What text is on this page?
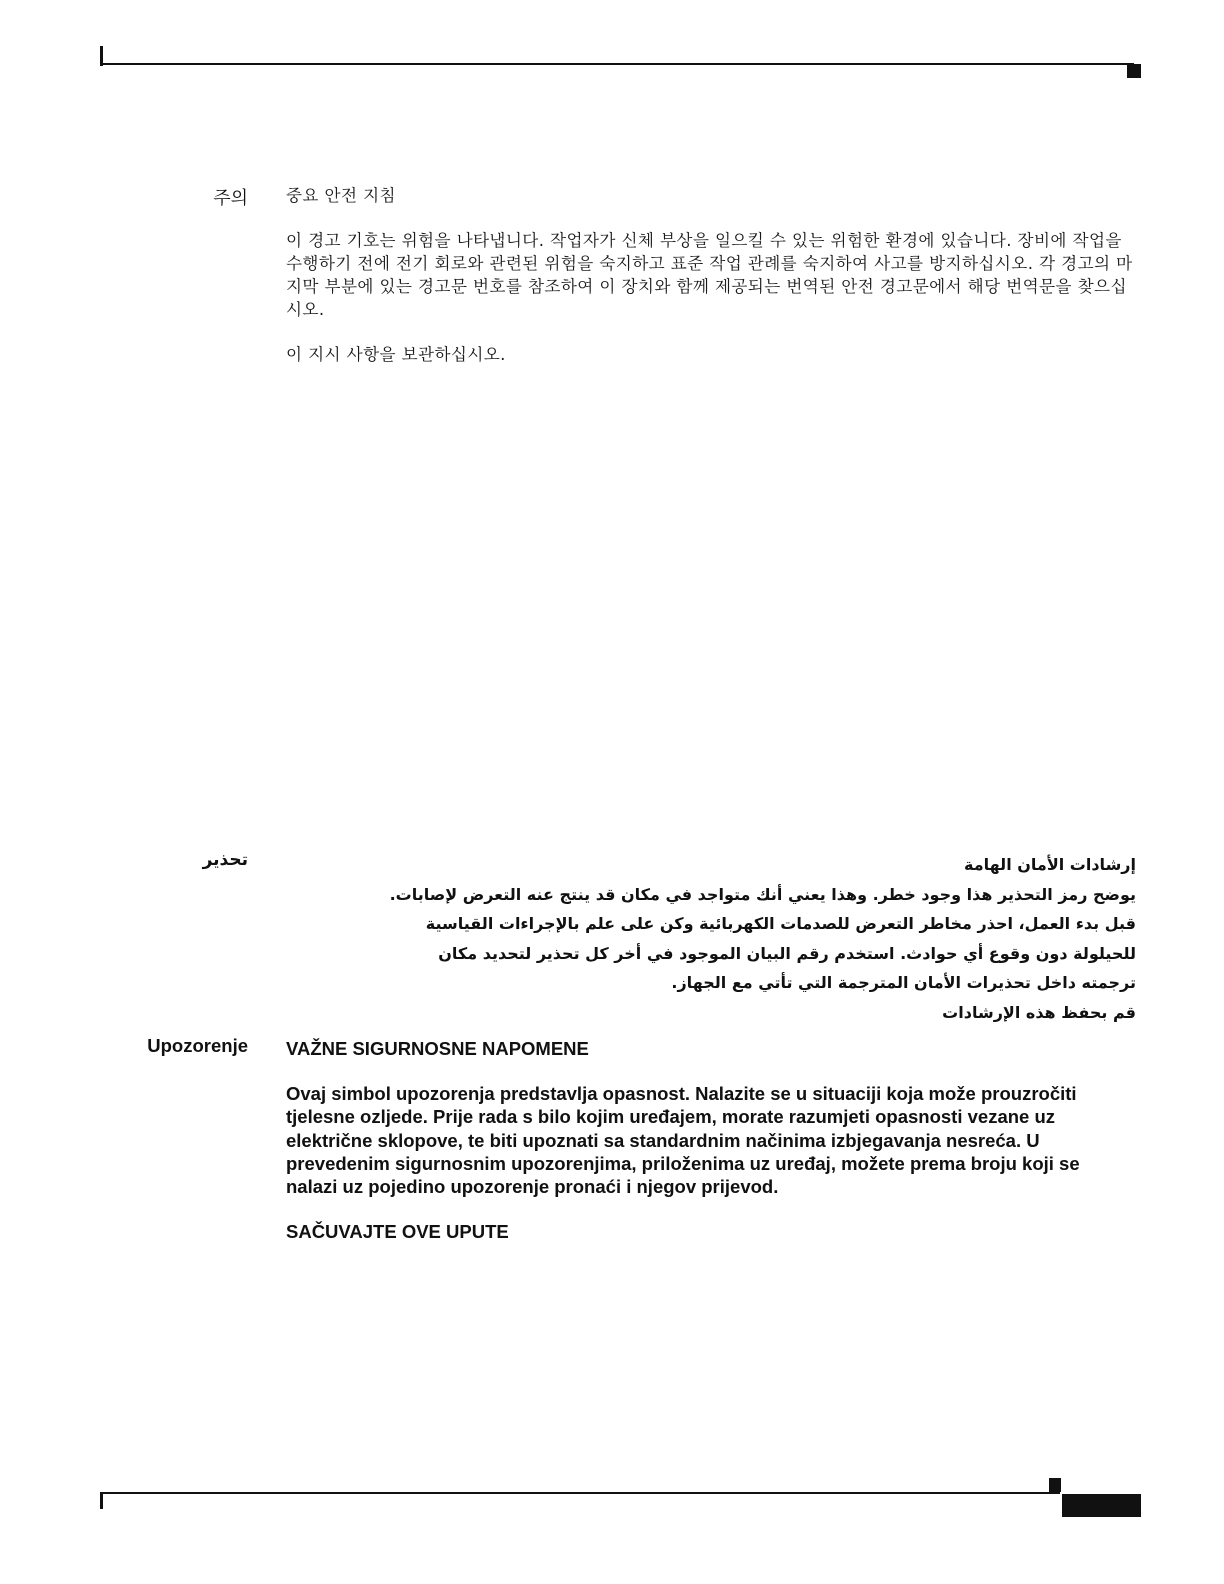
주의 중요 안전 지침

이 경고 기호는 위험을 나타냅니다. 작업자가 신체 부상을 일으킬 수 있는 위험한 환경에 있습니다. 장비에 작업을 수행하기 전에 전기 회로와 관련된 위험을 숙지하고 표준 작업 관례를 숙지하여 사고를 방지하십시오. 각 경고의 마지막 부분에 있는 경고문 번호를 참조하여 이 장치와 함께 제공되는 번역된 안전 경고문에서 해당 번역문을 찾으십시오.

이 지시 사항을 보관하십시오.

تحذير	إرشادات الأمان الهامة

يوضح رمز التحذير هذا وجود خطر. وهذا يعني أنك متواجد في مكان قد ينتج عنه التعرض لإصابات. قبل بدء العمل، احذر مخاطر التعرض للصدمات الكهربائية وكن على علم بالإجراءات القياسية للحيلولة دون وقوع أي حوادث. استخدم رقم البيان الموجود في أخر كل تحذير لتحديد مكان ترجمته داخل تحذيرات الأمان المترجمة التي تأتي مع الجهاز.

قم بحفظ هذه الإرشادات

Upozorenje VAŽNE SIGURNOSNE NAPOMENE

Ovaj simbol upozorenja predstavlja opasnost. Nalazite se u situaciji koja može prouzročiti tjelesne ozljede. Prije rada s bilo kojim uređajem, morate razumjeti opasnosti vezane uz električne sklopove, te biti upoznati sa standardnim načinima izbjegavanja nesreća. U prevedenim sigurnosnim upozorenjima, priloženima uz uređaj, možete prema broju koji se nalazi uz pojedino upozorenje pronaći i njegov prijevod.

SAČUVAJTE OVE UPUTE
